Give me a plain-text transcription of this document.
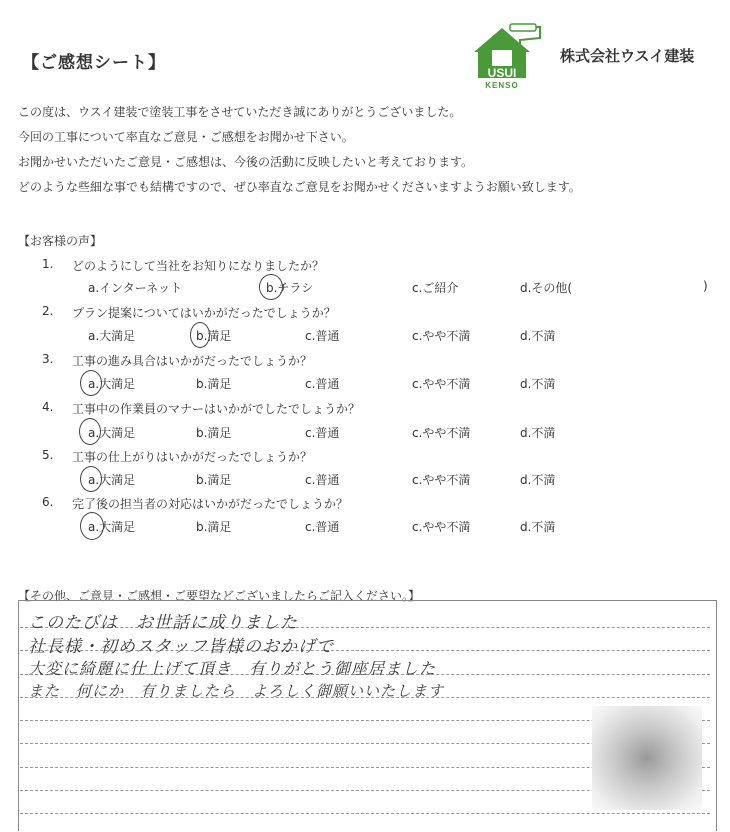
【ご感想シート】	USUI
KENSO
株式会社ウスイ建装
この度は、ウスイ建装で塗装工事をさせていただき誠にありがとうございました。
今回の工事について率直なご意見・ご感想をお聞かせ下さい。
お聞かせいただいたご意見・ご感想は、今後の活動に反映したいと考えております。
どのような些細な事でも結構ですので、ぜひ率直なご意見をお聞かせくださいますようお願い致します。
【お客様の声】
1. どのようにして当社をお知りになりましたか？
a.インターネット	b.チラシ	c.ご紹介	d.その他(	)
2. プラン提案についてはいかがだったでしょうか？
a.大満足	b.満足	c.普通	c.やや不満	d.不満
3. 工事の進み具合はいかがだったでしょうか？
a.大満足	b.満足	c.普通	c.やや不満	d.不満
4. 工事中の作業員のマナーはいかがでしたでしょうか？
a.大満足	b.満足	c.普通	c.やや不満	d.不満
5. 工事の仕上がりはいかがだったでしょうか？
a.大満足	b.満足	c.普通	c.やや不満	d.不満
6. 完了後の担当者の対応はいかがだったでしょうか？
a.大満足	b.満足	c.普通	c.やや不満	d.不満
【その他、ご意見・ご感想・ご要望などございましたらご記入ください。】
このたびは　お世話に成りました
社長様・初めスタッフ皆様のおかげで
大変に綺麗に仕上げて頂き　有りがとう御座居ました
また　何にか　有りましたら　よろしく御願いいたします
